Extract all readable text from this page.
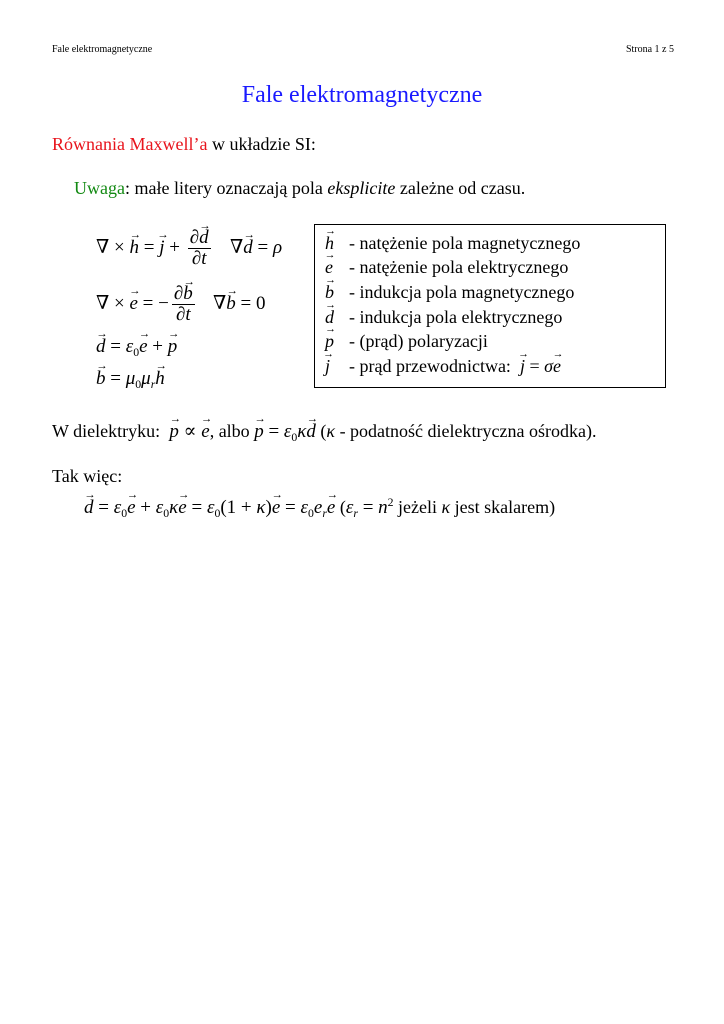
Fale elektromagnetyczne	Strona 1 z 5
Fale elektromagnetyczne
Równania Maxwell’a w układzie SI:
Uwaga: małe litery oznaczają pola eksplicite zależne od czasu.
∇ × → h = → $j + \frac{\partial\to d}{\partial t}$ ∇→ d = ρ
∇ × → e = − $\frac{\partial\to b}{\partial t}$ ∇→ b = 0
→ $d = \varepsilon_0\to e$ + → p
→ $b = \mu_0\mu_r\to h$
→ h - natężenie pola magnetycznego
→ e - natężenie pola elektrycznego
→ b - indukcja pola magnetycznego
→ d - indukcja pola elektrycznego
→ p - (prąd) polaryzacji
→ j - prąd przewodnictwa: → j = σ→ e
W dielektryku: → p ∝ → e, albo → $p = \varepsilon_0\kappa\to d$ (κ - podatność dielektryczna ośrodka).
Tak więc:
→ $d = \varepsilon_0\to e + \varepsilon_0\kappa\to e = \varepsilon_0(1 + \kappa)\to e = \varepsilon_0e_r\to e$ ($\varepsilon_r = n^2$ jeżeli κ jest skalarem)
